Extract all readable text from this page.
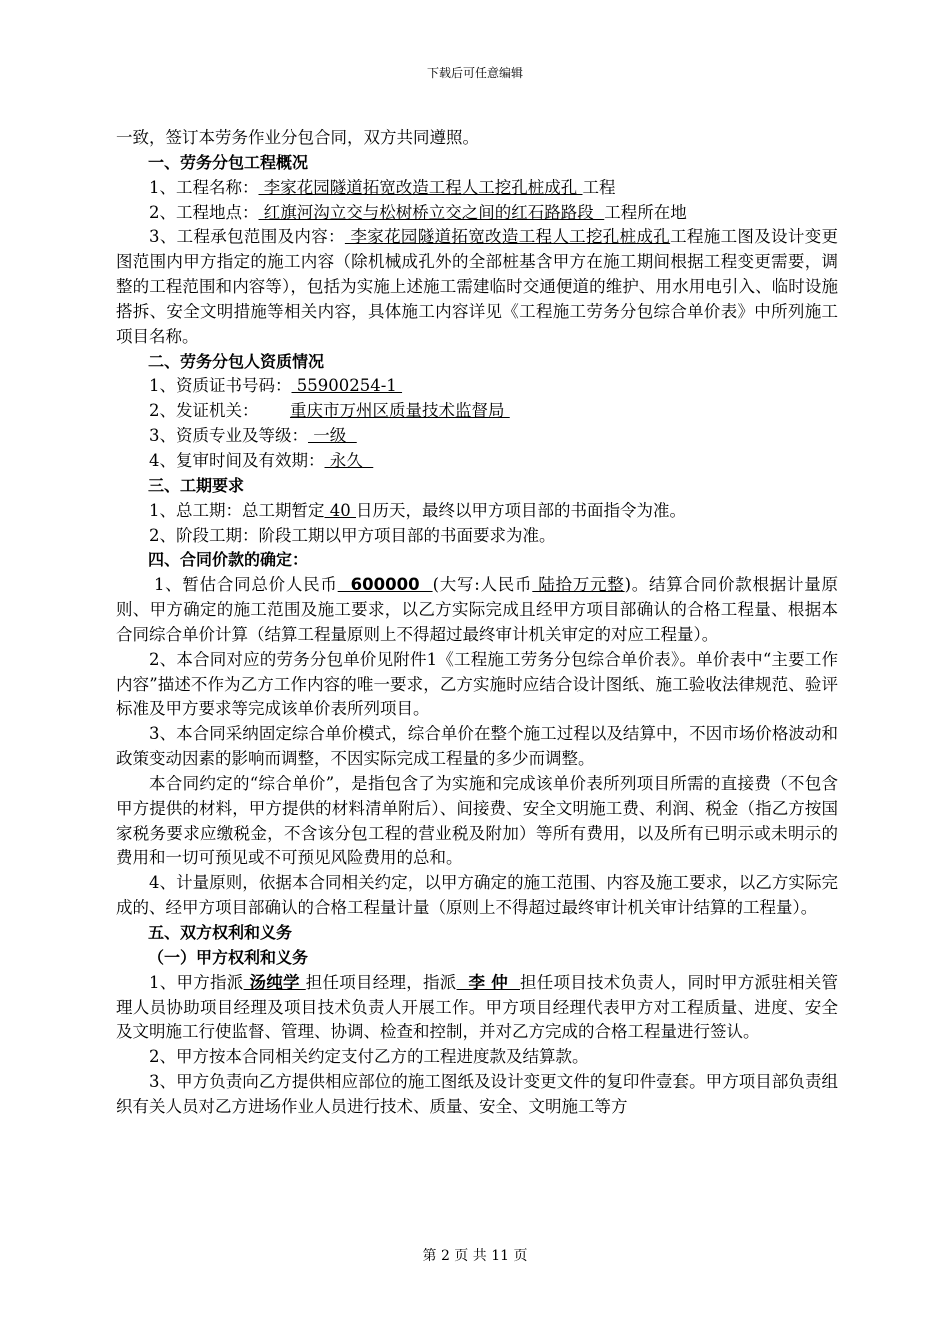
下载后可任意编辑

一致，签订本劳务作业分包合同，双方共同遵照。

一、劳务分包工程概况

1、工程名称： 李家花园隧道拓宽改造工程人工挖孔桩成孔 工程

2、工程地点： 红旗河沟立交与松树桥立交之间的红石路路段  工程所在地

3、工程承包范围及内容： 李家花园隧道拓宽改造工程人工挖孔桩成孔工程施工图及设计变更图范围内甲方指定的施工内容（除机械成孔外的全部桩基含甲方在施工期间根据工程变更需要，调整的工程范围和内容等），包括为实施上述施工需建临时交通便道的维护、用水用电引入、临时设施搭拆、安全文明措施等相关内容，具体施工内容详见《工程施工劳务分包综合单价表》中所列施工项目名称。

二、劳务分包人资质情况

1、资质证书号码： 55900254-1

2、发证机关： 重庆市万州区质量技术监督局

3、资质专业及等级： 一级

4、复审时间及有效期： 永久

三、工期要求

1、总工期：总工期暂定 40 日历天，最终以甲方项目部的书面指令为准。

2、阶段工期：阶段工期以甲方项目部的书面要求为准。

四、合同价款的确定：

1、暂估合同总价人民币  600000  (大写:人民币 陆拾万元整)。结算合同价款根据计量原则、甲方确定的施工范围及施工要求，以乙方实际完成且经甲方项目部确认的合格工程量、根据本合同综合单价计算（结算工程量原则上不得超过最终审计机关审定的对应工程量）。

2、本合同对应的劳务分包单价见附件1《工程施工劳务分包综合单价表》。单价表中“主要工作内容”描述不作为乙方工作内容的唯一要求，乙方实施时应结合设计图纸、施工验收法律规范、验评标准及甲方要求等完成该单价表所列项目。

3、本合同采纳固定综合单价模式，综合单价在整个施工过程以及结算中，不因市场价格波动和政策变动因素的影响而调整，不因实际完成工程量的多少而调整。

本合同约定的“综合单价”，是指包含了为实施和完成该单价表所列项目所需的直接费（不包含甲方提供的材料，甲方提供的材料清单附后）、间接费、安全文明施工费、利润、税金（指乙方按国家税务要求应缴税金，不含该分包工程的营业税及附加）等所有费用，以及所有已明示或未明示的费用和一切可预见或不可预见风险费用的总和。

4、计量原则，依据本合同相关约定，以甲方确定的施工范围、内容及施工要求，以乙方实际完成的、经甲方项目部确认的合格工程量计量（原则上不得超过最终审计机关审计结算的工程量）。

五、双方权利和义务

（一）甲方权利和义务

1、甲方指派 汤纯学 担任项目经理，指派  李 仲  担任项目技术负责人，同时甲方派驻相关管理人员协助项目经理及项目技术负责人开展工作。甲方项目经理代表甲方对工程质量、进度、安全及文明施工行使监督、管理、协调、检查和控制，并对乙方完成的合格工程量进行签认。

2、甲方按本合同相关约定支付乙方的工程进度款及结算款。

3、甲方负责向乙方提供相应部位的施工图纸及设计变更文件的复印件壹套。甲方项目部负责组织有关人员对乙方进场作业人员进行技术、质量、安全、文明施工等方

第 2 页 共 11 页
